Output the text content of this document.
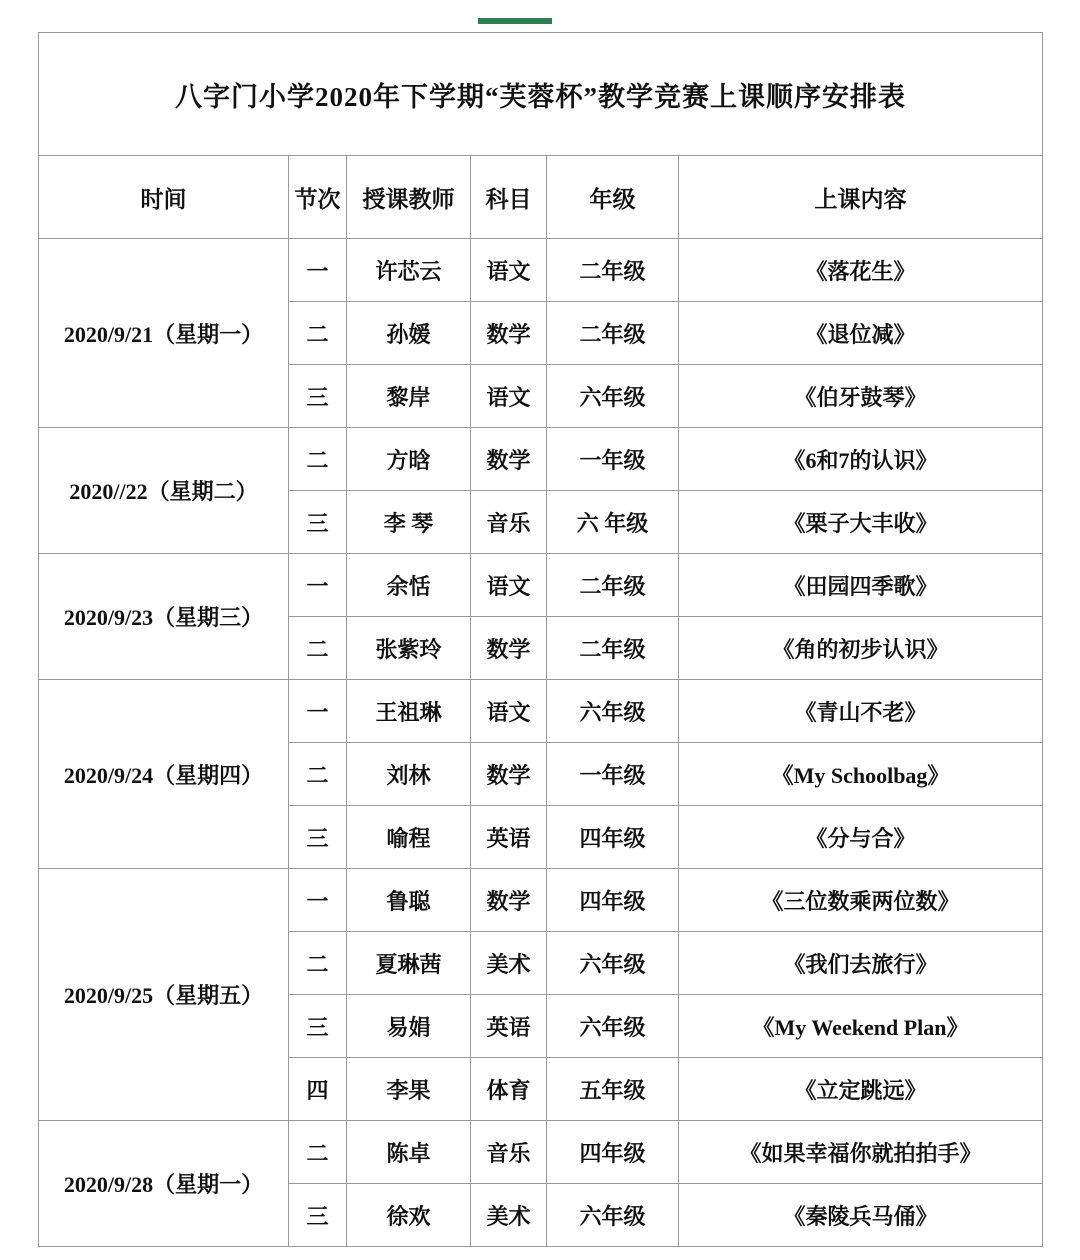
八字门小学2020年下学期“芙蓉杯”教学竞赛上课顺序安排表					
时间	节次	授课教师	科目	年级	上课内容
2020/9/21（星期一）	一	许芯云	语文	二年级	《落花生》
	二	孙媛	数学	二年级	《退位减》
	三	黎岸	语文	六年级	《伯牙鼓琴》
2020//22（星期二）	二	方晗	数学	一年级	《6和7的认识》
	三	李 琴	音乐	六 年级	《栗子大丰收》
2020/9/23（星期三）	一	余恬	语文	二年级	《田园四季歌》
	二	张紫玲	数学	二年级	《角的初步认识》
2020/9/24（星期四）	一	王祖琳	语文	六年级	《青山不老》
	二	刘林	数学	一年级	《My Schoolbag》
	三	喻程	英语	四年级	《分与合》
2020/9/25（星期五）	一	鲁聪	数学	四年级	《三位数乘两位数》
	二	夏琳茜	美术	六年级	《我们去旅行》
	三	易娟	英语	六年级	《My Weekend Plan》
	四	李果	体育	五年级	《立定跳远》
2020/9/28（星期一）	二	陈卓	音乐	四年级	《如果幸福你就拍拍手》
	三	徐欢	美术	六年级	《秦陵兵马俑》
